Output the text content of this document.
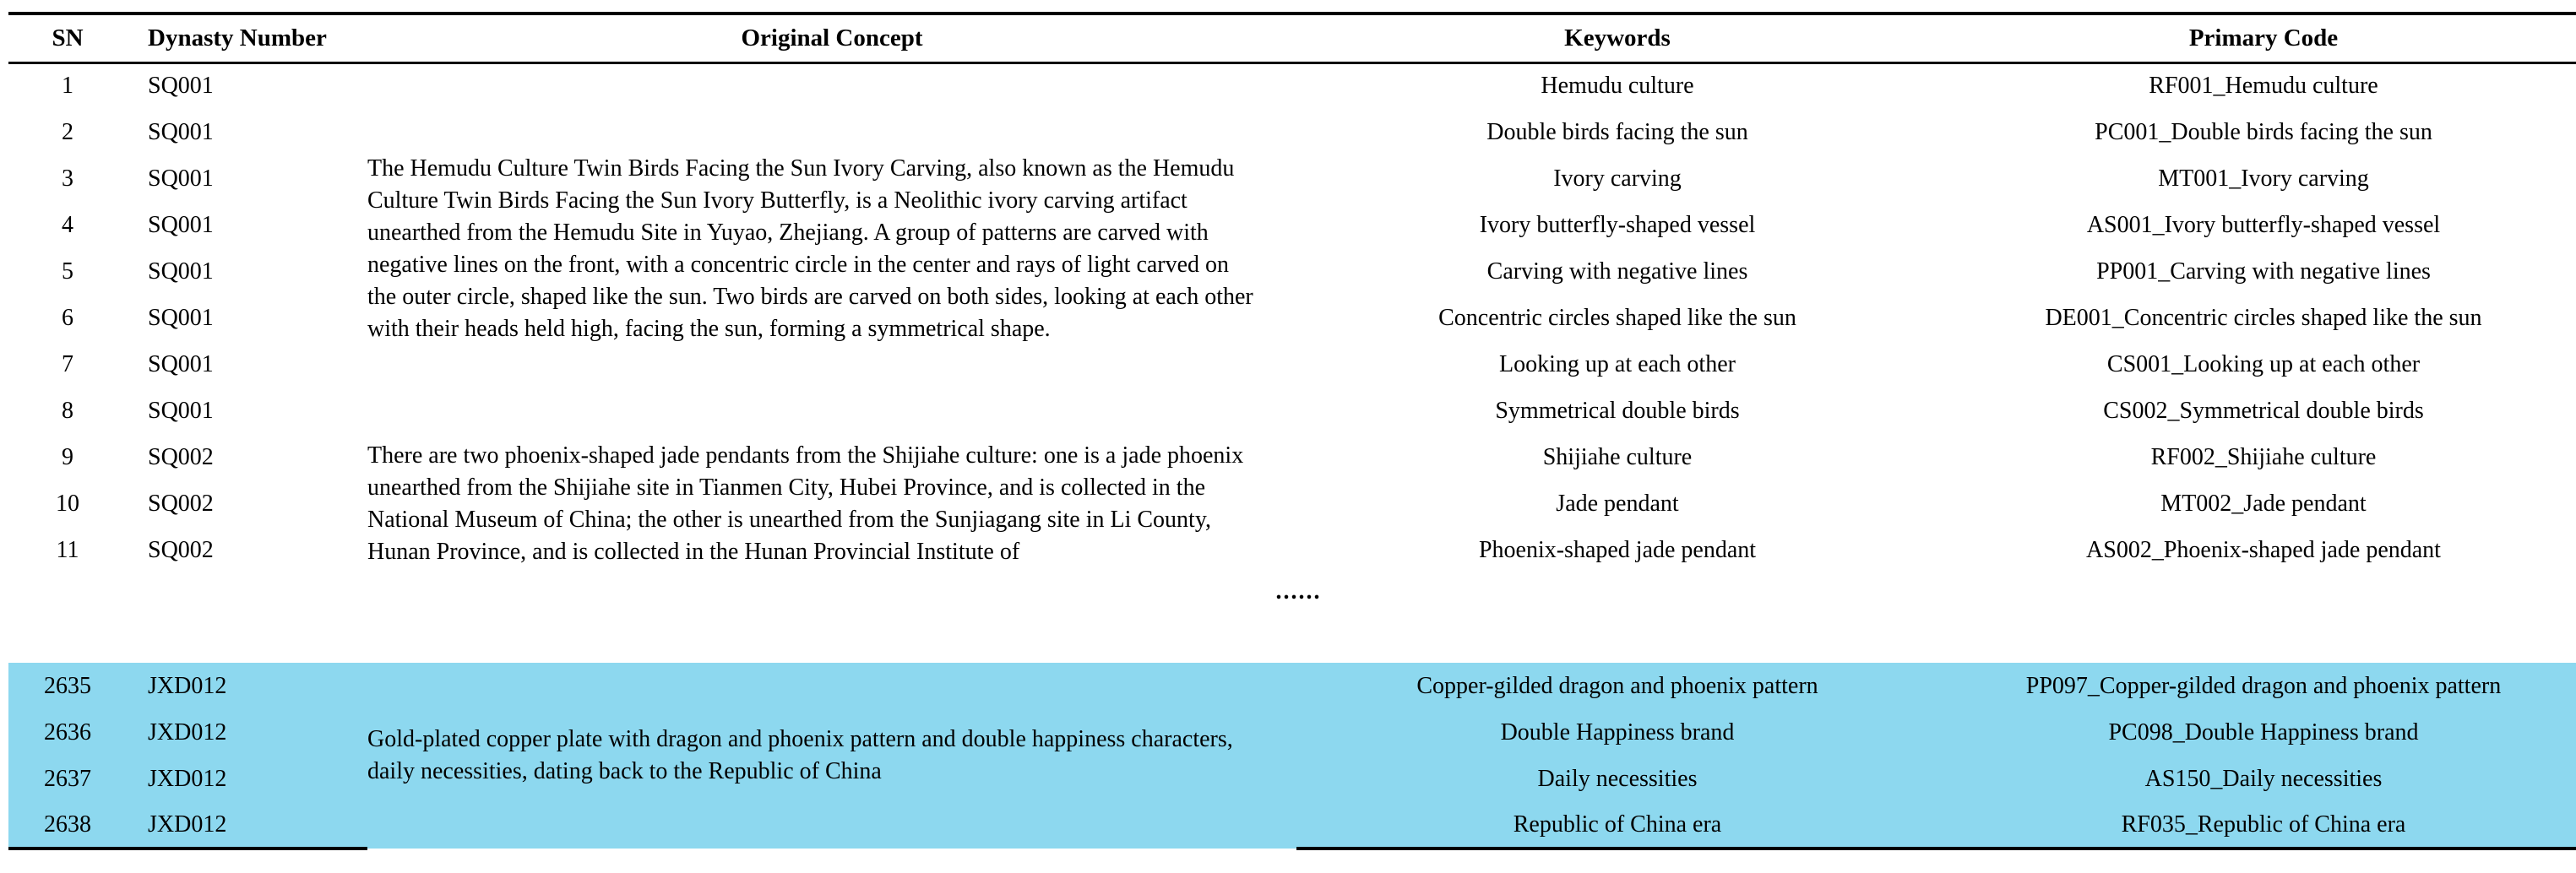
SN	Dynasty Number	Original Concept	Keywords	Primary Code
1	SQ001	The Hemudu Culture Twin Birds Facing the Sun Ivory Carving, also known as the Hemudu Culture Twin Birds Facing the Sun Ivory Butterfly, is a Neolithic ivory carving artifact unearthed from the Hemudu Site in Yuyao, Zhejiang. A group of patterns are carved with negative lines on the front, with a concentric circle in the center and rays of light carved on the outer circle, shaped like the sun. Two birds are carved on both sides, looking at each other with their heads held high, facing the sun, forming a symmetrical shape.	Hemudu culture	RF001_Hemudu culture
2	SQ001		Double birds facing the sun	PC001_Double birds facing the sun
3	SQ001		Ivory carving	MT001_Ivory carving
4	SQ001		Ivory butterfly-shaped vessel	AS001_Ivory butterfly-shaped vessel
5	SQ001		Carving with negative lines	PP001_Carving with negative lines
6	SQ001		Concentric circles shaped like the sun	DE001_Concentric circles shaped like the sun
7	SQ001		Looking up at each other	CS001_Looking up at each other
8	SQ001		Symmetrical double birds	CS002_Symmetrical double birds
9	SQ002	There are two phoenix-shaped jade pendants from the Shijiahe culture: one is a jade phoenix unearthed from the Shijiahe site in Tianmen City, Hubei Province, and is collected in the National Museum of China; the other is unearthed from the Sunjiagang site in Li County, Hunan Province, and is collected in the Hunan Provincial Institute of	Shijiahe culture	RF002_Shijiahe culture
10	SQ002		Jade pendant	MT002_Jade pendant
11	SQ002		Phoenix-shaped jade pendant	AS002_Phoenix-shaped jade pendant
......				

2635	JXD012	Gold-plated copper plate with dragon and phoenix pattern and double happiness characters, daily necessities, dating back to the Republic of China	Copper-gilded dragon and phoenix pattern	PP097_Copper-gilded dragon and phoenix pattern
2636	JXD012		Double Happiness brand	PC098_Double Happiness brand
2637	JXD012		Daily necessities	AS150_Daily necessities
2638	JXD012		Republic of China era	RF035_Republic of China era
